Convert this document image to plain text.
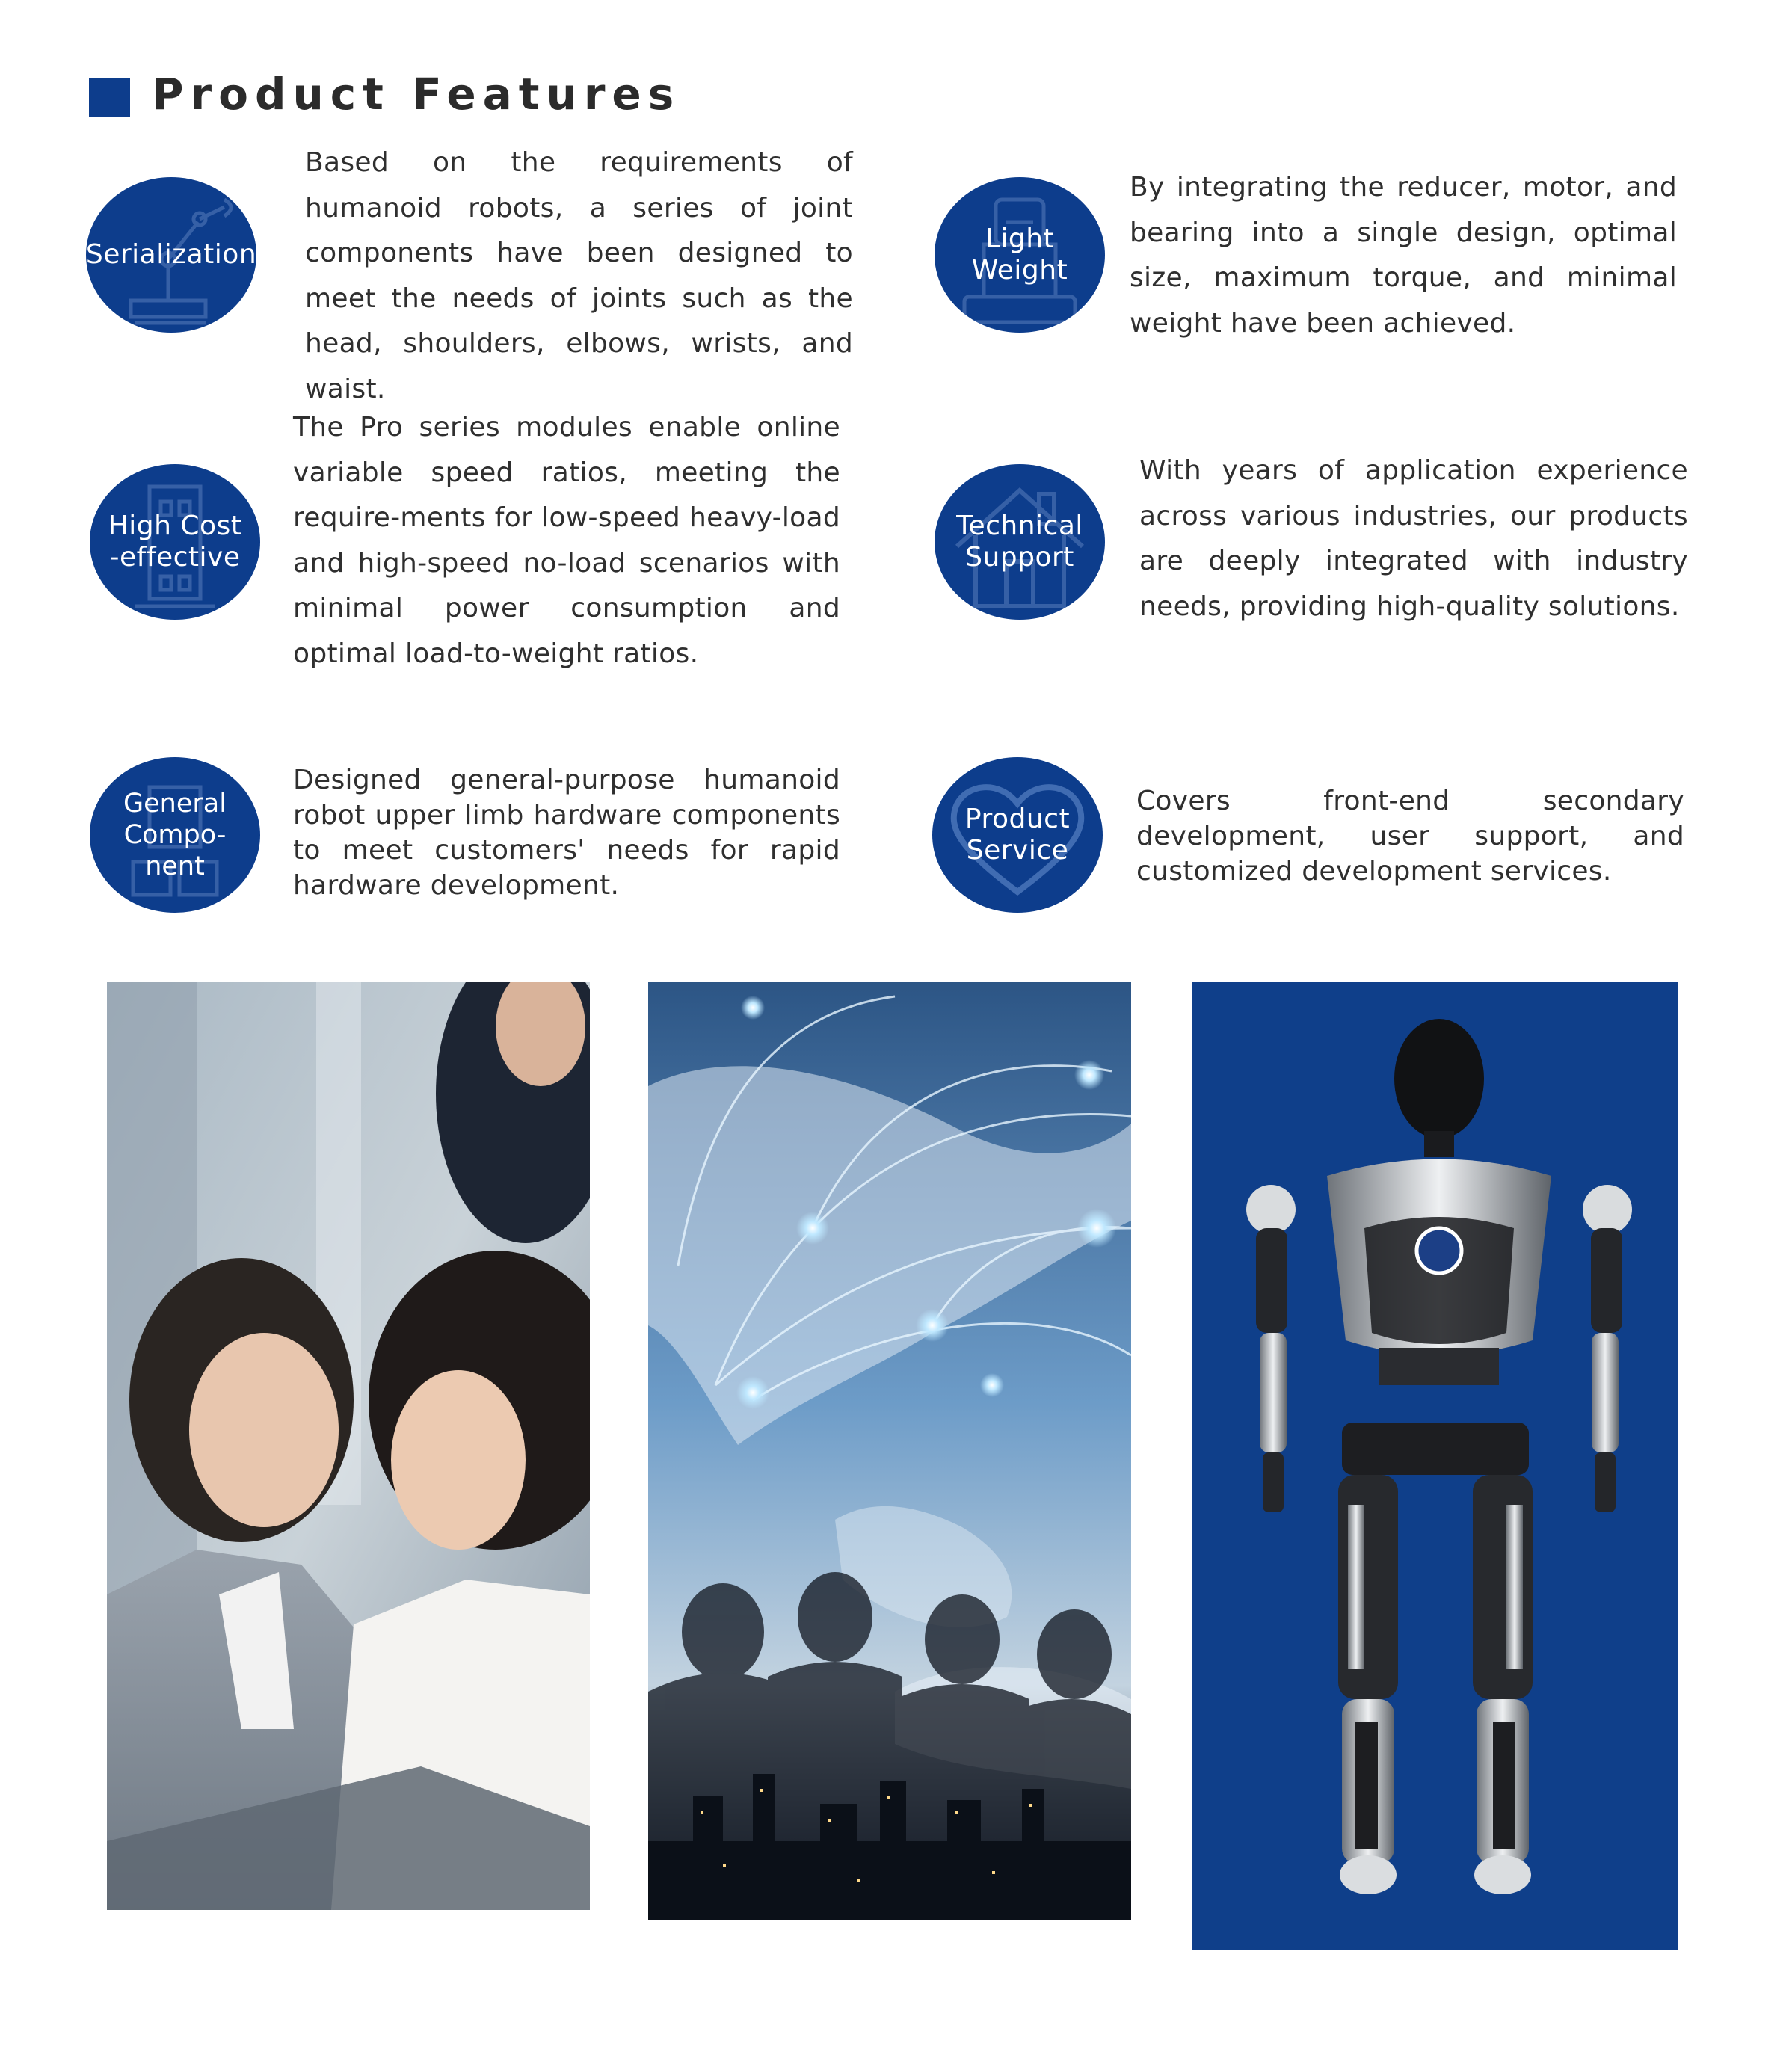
Product Features
Serialization

Based on the requirements of humanoid robots, a series of joint components have been designed to meet the needs of joints such as the head, shoulders, elbows, wrists, and waist.

Light
Weight

By integrating the reducer, motor, and bearing into a single design, optimal size, maximum torque, and minimal weight have been achieved.

High Cost
-effective

The Pro series modules enable online variable speed ratios, meeting the require-ments for low-speed heavy-load and high-speed no-load scenarios with minimal power consumption and optimal load-to-weight ratios.

Technical
Support

With years of application experience across various industries, our products are deeply integrated with industry needs, providing high-quality solutions.

General
Compo-
nent

Designed general-purpose humanoid robot upper limb hardware components to meet customers' needs for rapid hardware development.

Product
Service

Covers front-end secondary development, user support, and customized development services.
